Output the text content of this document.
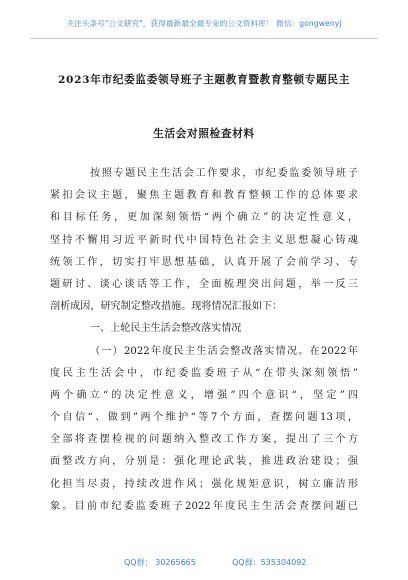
关注头条号"公文研究"，获得最新最全最专业的公文资料库！ 微信：gongwenyj
2023年市纪委监委领导班子主题教育暨教育整顿专题民主
生活会对照检查材料
按照专题民主生活会工作要求，市纪委监委领导班子
紧扣会议主题，聚焦主题教育和教育整顿工作的总体要求
和目标任务，更加深刻领悟“两个确立”的决定性意义，
坚持不懈用习近平新时代中国特色社会主义思想凝心铸魂
统领工作，切实打牢思想基础，认真开展了会前学习、专
题研讨、谈心谈话等工作，全面梳理突出问题，举一反三
剖析成因，研究制定整改措施。现将情况汇报如下：
一、上轮民主生活会整改落实情况
（一）2022年度民主生活会整改落实情况。在2022年
度民主生活会中，市纪委监委班子从“在带头深刻领悟”
两个确立“的决定性意义，增强”四个意识“，坚定”四
个自信“、做到”两个维护“等7个方面，查摆问题13项，
全部将查摆检视的问题纳入整改工作方案，提出了三个方
面整改方向，分别是：强化理论武装，推进政治建设；强
化担当尽责，持续改进作风；强化规矩意识，树立廉洁形
象。目前市纪委监委班子2022年度民主生活会查摆问题已
QQ群： 30265665	QQ群：535304092
